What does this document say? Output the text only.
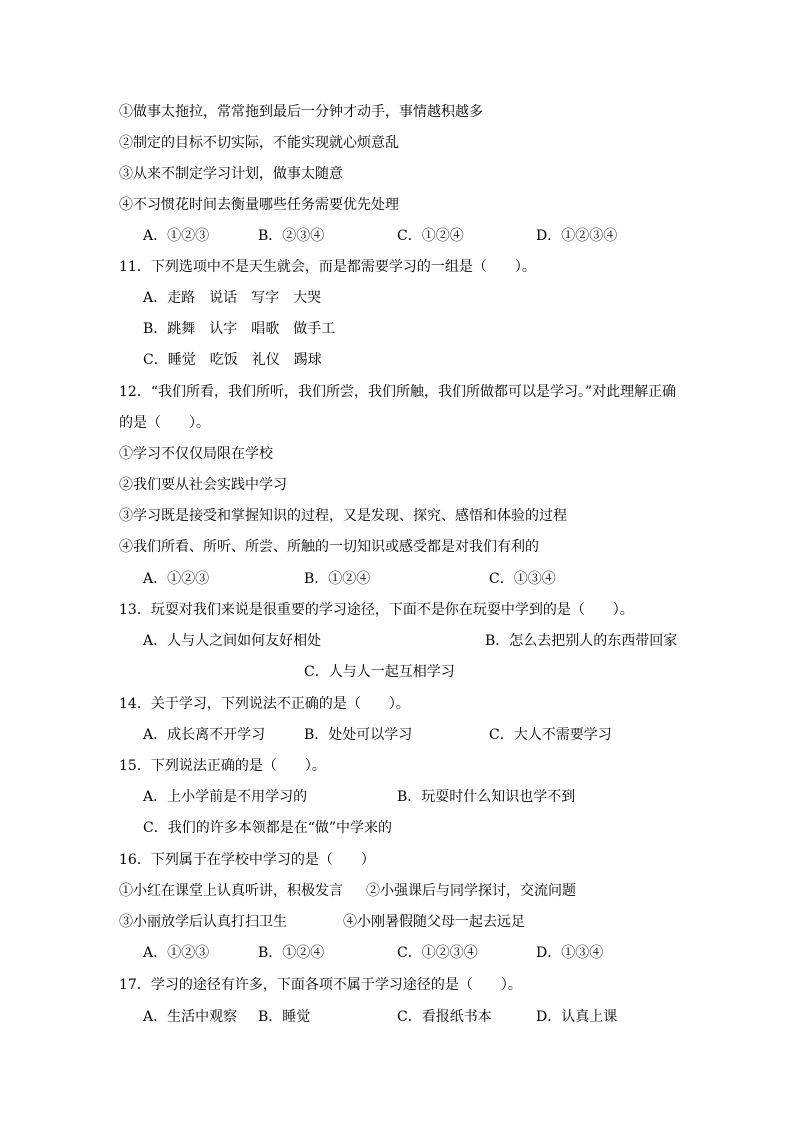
①做事太拖拉，常常拖到最后一分钟才动手，事情越积越多
②制定的目标不切实际，不能实现就心烦意乱
③从来不制定学习计划，做事太随意
④不习惯花时间去衡量哪些任务需要优先处理
A．①②③	B．②③④	C．①②④	D．①②③④
11．下列选项中不是天生就会，而是都需要学习的一组是（　　）。
A．走路　说话　写字　大哭
B．跳舞　认字　唱歌　做手工
C．睡觉　吃饭　礼仪　踢球
12．“我们所看，我们所听，我们所尝，我们所触，我们所做都可以是学习。”对此理解正确
的是（　　）。
①学习不仅仅局限在学校
②我们要从社会实践中学习
③学习既是接受和掌握知识的过程，又是发现、探究、感悟和体验的过程
④我们所看、所听、所尝、所触的一切知识或感受都是对我们有利的
A．①②③	B．①②④	C．①③④
13．玩耍对我们来说是很重要的学习途径，下面不是你在玩耍中学到的是（　　）。
A．人与人之间如何友好相处	B．怎么去把别人的东西带回家
C．人与人一起互相学习
14．关于学习，下列说法不正确的是（　　）。
A．成长离不开学习	B．处处可以学习	C．大人不需要学习
15．下列说法正确的是（　　）。
A．上小学前是不用学习的	B．玩耍时什么知识也学不到
C．我们的许多本领都是在“做”中学来的
16．下列属于在学校中学习的是（　　）
①小红在课堂上认真听讲，积极发言 ②小强课后与同学探讨，交流问题
③小丽放学后认真打扫卫生	④小刚暑假随父母一起去远足
A．①②③	B．①②④	C．①②③④	D．①③④
17．学习的途径有许多，下面各项不属于学习途径的是（　　）。
A．生活中观察 B．睡觉	C．看报纸书本	D．认真上课
